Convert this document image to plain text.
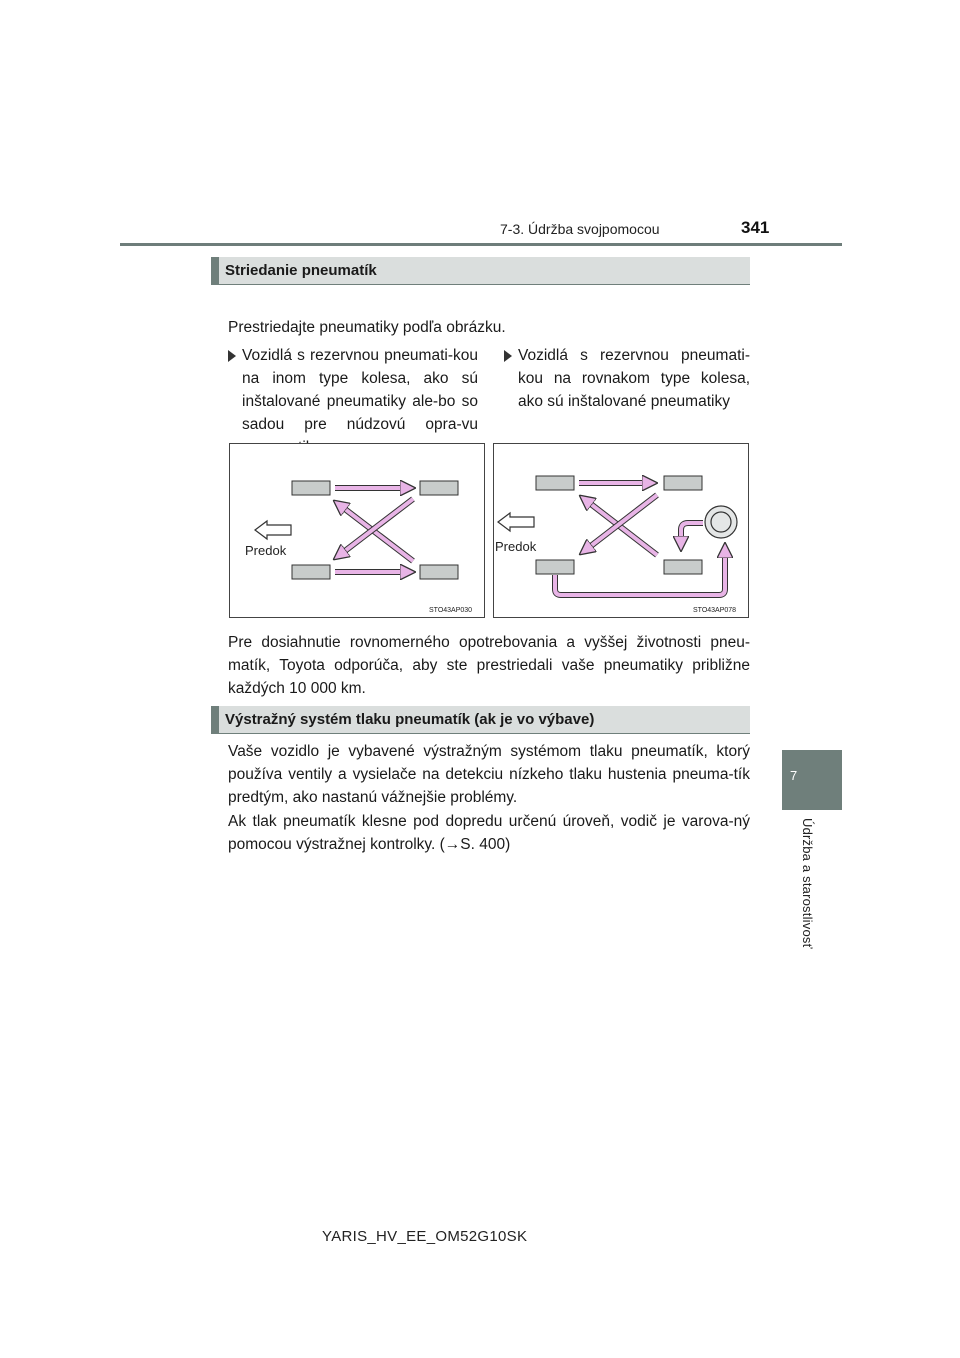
7-3. Údržba svojpomocou	341
7
Údržba a starostlivosť
Striedanie pneumatík
Prestriedajte pneumatiky podľa obrázku.
Vozidlá s rezervnou pneumati-kou na inom type kolesa, ako sú inštalované pneumatiky ale-bo so sadou pre núdzovú opra-vu
Vozidlá s rezervnou pneumati-kou na rovnakom type kolesa, ako sú inštalované pneumatiky
Predok
STO43AP030
Predok
STO43AP078
Pre dosiahnutie rovnomerného opotrebovania a vyššej životnosti pneu-matík, Toyota odporúča, aby ste prestriedali vaše pneumatiky približne každých 10 000 km.
Výstražný systém tlaku pneumatík (ak je vo výbave)
Vaše vozidlo je vybavené výstražným systémom tlaku pneumatík, ktorý používa ventily a vysielače na detekciu nízkeho tlaku hustenia pneuma-tík predtým, ako nastanú vážnejšie problémy.
Ak tlak pneumatík klesne pod dopredu určenú úroveň, vodič je varova-ný pomocou výstražnej kontrolky. (→S. 400)
YARIS_HV_EE_OM52G10SK
